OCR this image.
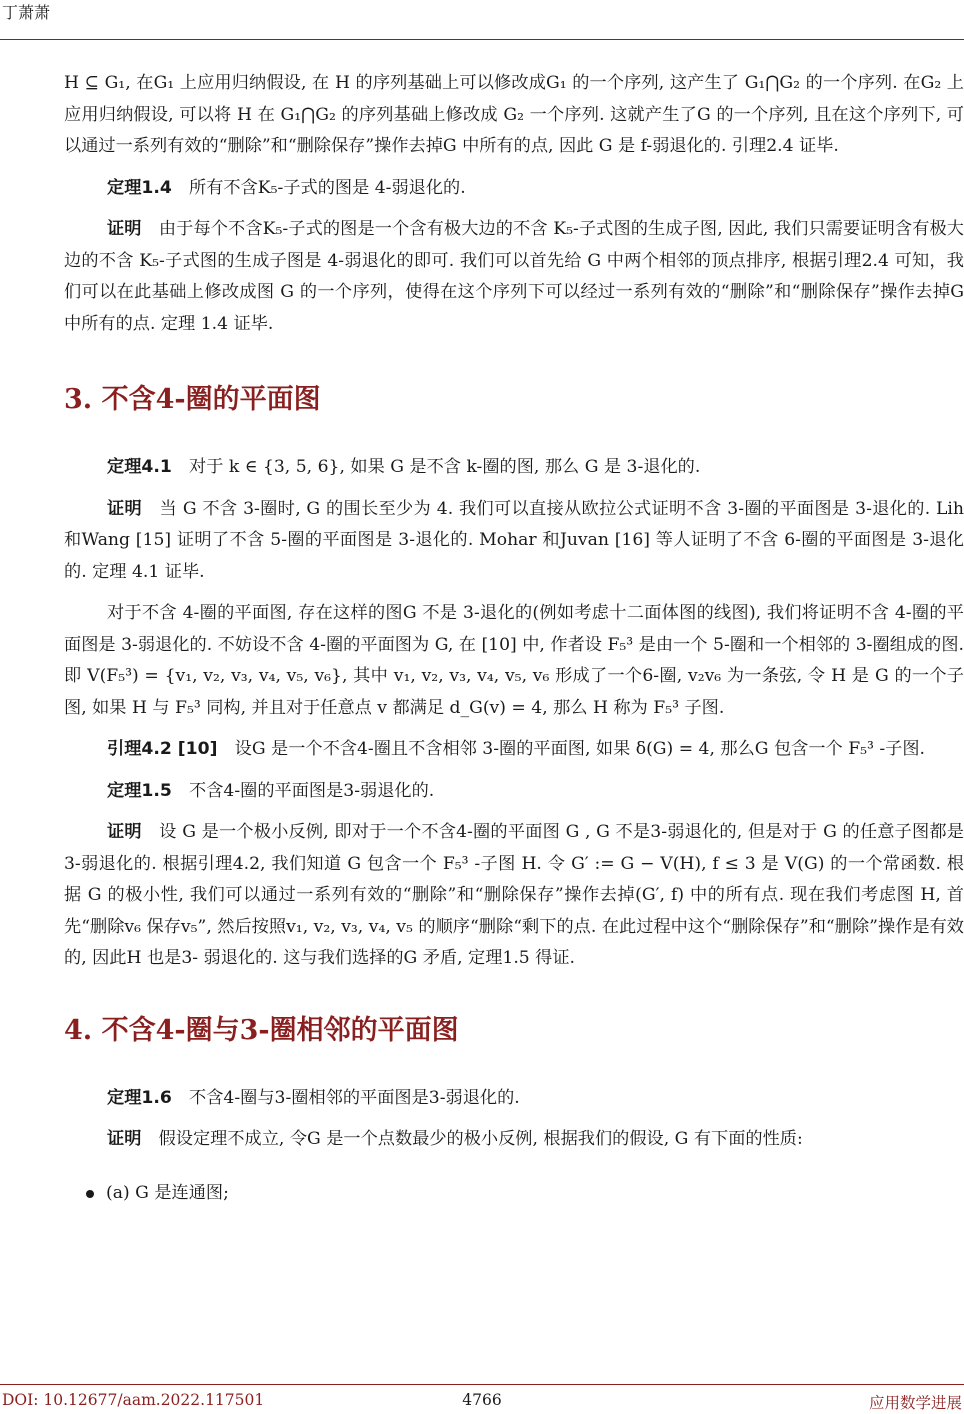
丁萧萧

H ⊆ G₁, 在G₁ 上应用归纳假设, 在 H 的序列基础上可以修改成G₁ 的一个序列, 这产生了 G₁⋂G₂ 的一个序列. 在G₂ 上应用归纳假设, 可以将 H 在 G₁⋂G₂ 的序列基础上修改成 G₂ 一个序列. 这就产生了G 的一个序列, 且在这个序列下, 可以通过一系列有效的“删除”和“删除保存”操作去掉G 中所有的点, 因此 G 是 f-弱退化的. 引理2.4 证毕.

定理1.4　 所有不含K₅-子式的图是 4-弱退化的.

证明　 由于每个不含K₅-子式的图是一个含有极大边的不含 K₅-子式图的生成子图, 因此, 我们只需要证明含有极大边的不含 K₅-子式图的生成子图是 4-弱退化的即可. 我们可以首先给 G 中两个相邻的顶点排序, 根据引理2.4 可知，我们可以在此基础上修改成图 G 的一个序列，使得在这个序列下可以经过一系列有效的“删除”和“删除保存”操作去掉G 中所有的点. 定理 1.4 证毕.

3. 不含4-圈的平面图

定理4.1　 对于 k ∈ {3, 5, 6}, 如果 G 是不含 k-圈的图, 那么 G 是 3-退化的.

证明　 当 G 不含 3-圈时, G 的围长至少为 4. 我们可以直接从欧拉公式证明不含 3-圈的平面图是 3-退化的. Lih 和Wang [15] 证明了不含 5-圈的平面图是 3-退化的. Mohar 和Juvan [16] 等人证明了不含 6-圈的平面图是 3-退化的. 定理 4.1 证毕.

对于不含 4-圈的平面图, 存在这样的图G 不是 3-退化的(例如考虑十二面体图的线图), 我们将证明不含 4-圈的平面图是 3-弱退化的. 不妨设不含 4-圈的平面图为 G, 在 [10] 中, 作者设 F₅³ 是由一个 5-圈和一个相邻的 3-圈组成的图. 即 V(F₅³) = {v₁, v₂, v₃, v₄, v₅, v₆}, 其中 v₁, v₂, v₃, v₄, v₅, v₆ 形成了一个6-圈, v₂v₆ 为一条弦, 令 H 是 G 的一个子图, 如果 H 与 F₅³ 同构, 并且对于任意点 v 都满足 d_G(v) = 4, 那么 H 称为 F₅³ 子图.

引理4.2 [10]　 设G 是一个不含4-圈且不含相邻 3-圈的平面图, 如果 δ(G) = 4, 那么G 包含一个 F₅³ -子图.

定理1.5　 不含4-圈的平面图是3-弱退化的.

证明　 设 G 是一个极小反例, 即对于一个不含4-圈的平面图 G , G 不是3-弱退化的, 但是对于 G 的任意子图都是 3-弱退化的. 根据引理4.2, 我们知道 G 包含一个 F₅³ -子图 H. 令 G′ := G − V(H), f ≤ 3 是 V(G) 的一个常函数. 根据 G 的极小性, 我们可以通过一系列有效的“删除”和“删除保存”操作去掉(G′, f) 中的所有点. 现在我们考虑图 H, 首先“删除v₆ 保存v₅”, 然后按照v₁, v₂, v₃, v₄, v₅ 的顺序“删除“剩下的点. 在此过程中这个“删除保存”和“删除”操作是有效的, 因此H 也是3- 弱退化的. 这与我们选择的G 矛盾, 定理1.5 得证.

4. 不含4-圈与3-圈相邻的平面图

定理1.6　 不含4-圈与3-圈相邻的平面图是3-弱退化的.

证明　 假设定理不成立, 令G 是一个点数最少的极小反例, 根据我们的假设, G 有下面的性质:

(a) G 是连通图;
DOI: 10.12677/aam.2022.117501	4766	应用数学进展
